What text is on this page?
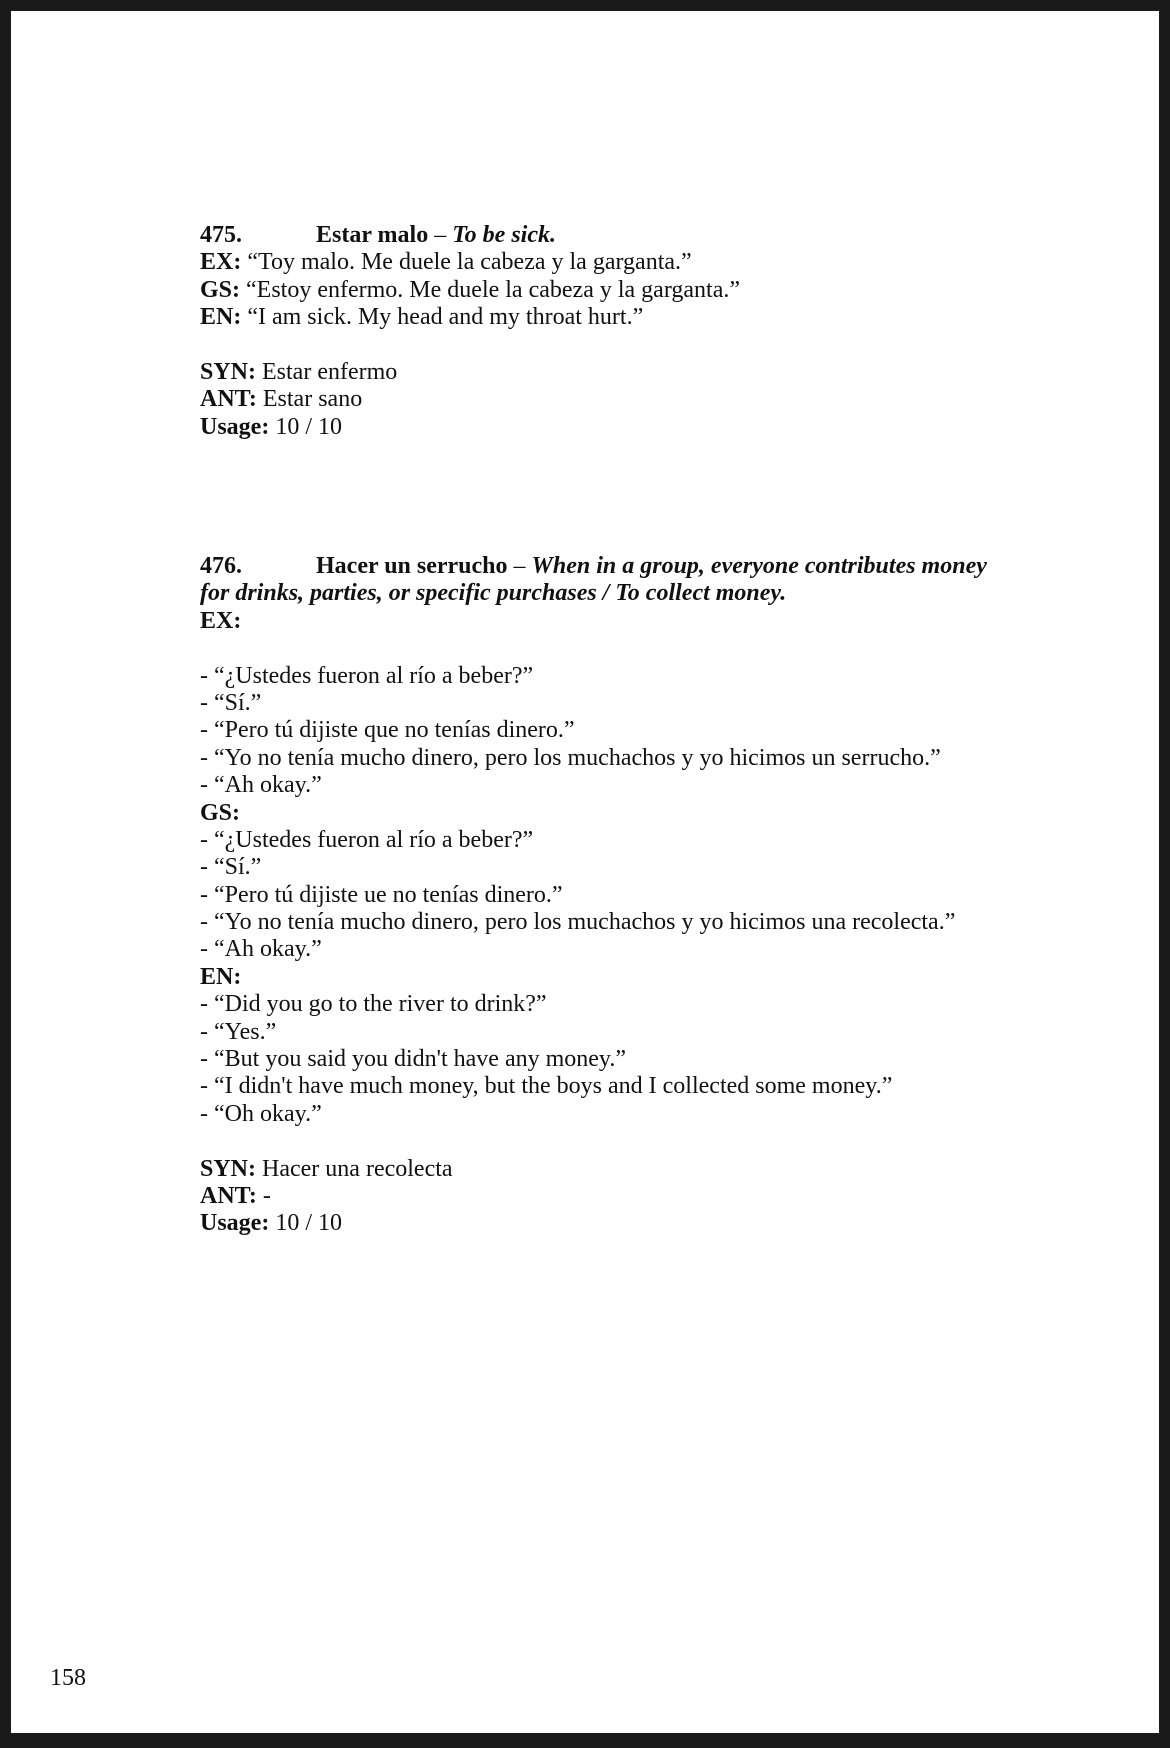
475.	Estar malo – To be sick.
EX: “Toy malo. Me duele la cabeza y la garganta.”
GS: “Estoy enfermo. Me duele la cabeza y la garganta.”
EN: “I am sick. My head and my throat hurt.”
SYN: Estar enfermo
ANT: Estar sano
Usage: 10 / 10
476.	Hacer un serrucho – When in a group, everyone contributes money
for drinks, parties, or specific purchases / To collect money.
EX:
- “¿Ustedes fueron al río a beber?”
- “Sí.”
- “Pero tú dijiste que no tenías dinero.”
- “Yo no tenía mucho dinero, pero los muchachos y yo hicimos un serrucho.”
- “Ah okay.”
GS:
- “¿Ustedes fueron al río a beber?”
- “Sí.”
- “Pero tú dijiste ue no tenías dinero.”
- “Yo no tenía mucho dinero, pero los muchachos y yo hicimos una recolecta.”
- “Ah okay.”
EN:
- “Did you go to the river to drink?”
- “Yes.”
- “But you said you didn't have any money.”
- “I didn't have much money, but the boys and I collected some money.”
- “Oh okay.”
SYN: Hacer una recolecta
ANT: -
Usage: 10 / 10
158
